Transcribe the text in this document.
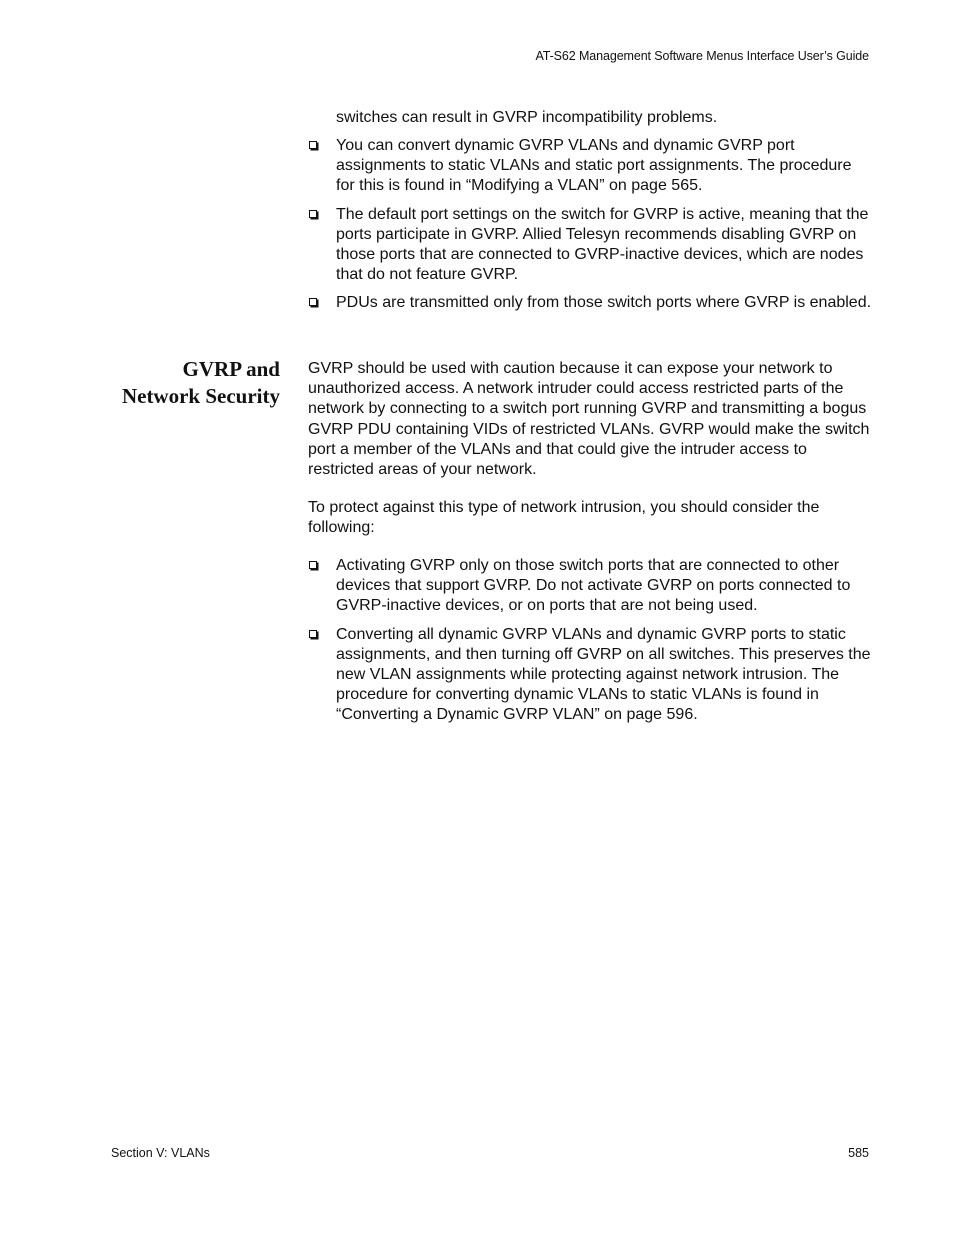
AT-S62 Management Software Menus Interface User’s Guide
switches can result in GVRP incompatibility problems.
You can convert dynamic GVRP VLANs and dynamic GVRP port assignments to static VLANs and static port assignments. The procedure for this is found in “Modifying a VLAN” on page 565.
The default port settings on the switch for GVRP is active, meaning that the ports participate in GVRP. Allied Telesyn recommends disabling GVRP on those ports that are connected to GVRP-inactive devices, which are nodes that do not feature GVRP.
PDUs are transmitted only from those switch ports where GVRP is enabled.
GVRP and
Network Security

GVRP should be used with caution because it can expose your network to unauthorized access. A network intruder could access restricted parts of the network by connecting to a switch port running GVRP and transmitting a bogus GVRP PDU containing VIDs of restricted VLANs. GVRP would make the switch port a member of the VLANs and that could give the intruder access to restricted areas of your network.

To protect against this type of network intrusion, you should consider the following:

Activating GVRP only on those switch ports that are connected to other devices that support GVRP. Do not activate GVRP on ports connected to GVRP-inactive devices, or on ports that are not being used.
Converting all dynamic GVRP VLANs and dynamic GVRP ports to static assignments, and then turning off GVRP on all switches. This preserves the new VLAN assignments while protecting against network intrusion. The procedure for converting dynamic VLANs to static VLANs is found in “Converting a Dynamic GVRP VLAN” on page 596.
Section V: VLANs	585
